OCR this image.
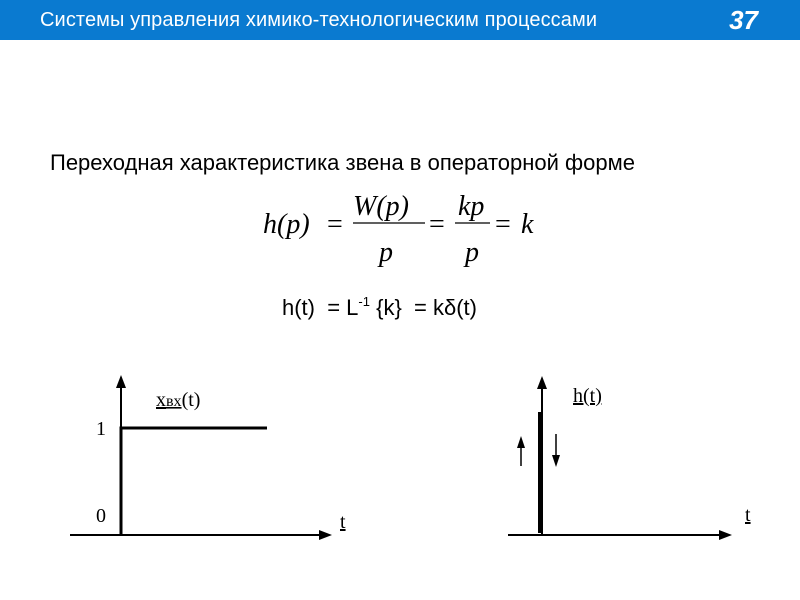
Системы управления химико-технологическим процессами	37
Переходная характеристика звена в операторной форме
h(p) =
W(p)
p
=
kp
p
= k
$h(t) = L^{-1}$ {k}  = kδ(t)
1
0	t
xвх(t)	h(t)
t
